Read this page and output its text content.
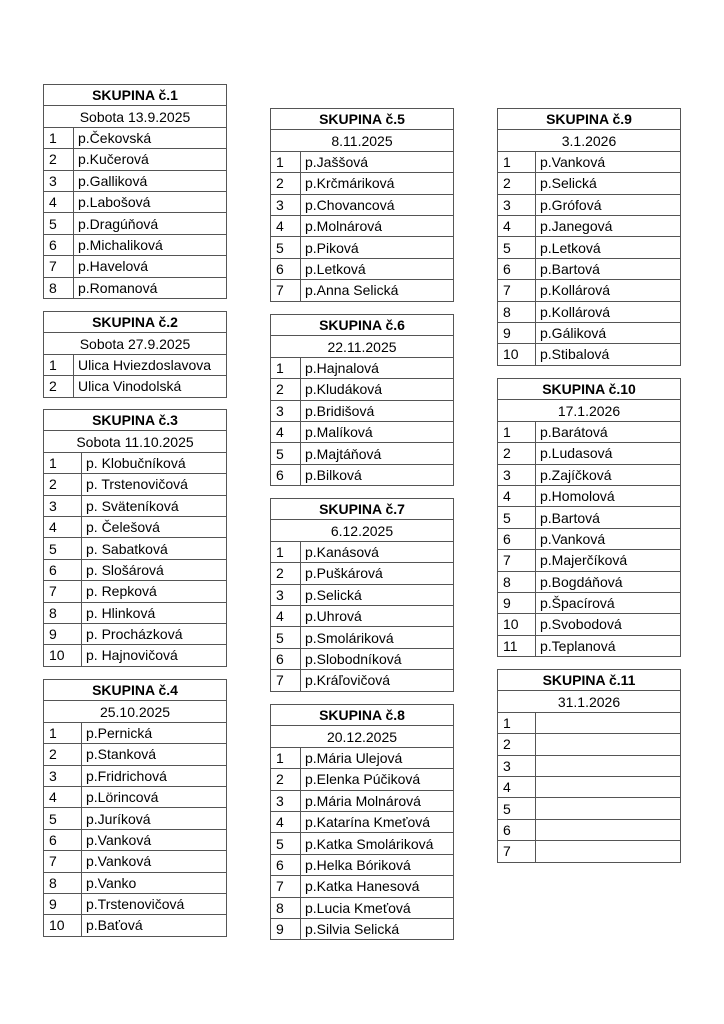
SKUPINA č.1	
Sobota 13.9.2025	
1	p.Čekovská
2	p.Kučerová
3	p.Galliková
4	p.Labošová
5	p.Dragúňová
6	p.Michaliková
7	p.Havelová
8	p.Romanová
SKUPINA č.2	
Sobota 27.9.2025	
1	Ulica Hviezdoslavova
2	Ulica Vinodolská
SKUPINA č.3	
Sobota 11.10.2025	
1	p. Klobučníková
2	p. Trstenovičová
3	p. Sväteníková
4	p. Čelešová
5	p. Sabatková
6	p. Slošárová
7	p. Repková
8	p. Hlinková
9	p. Procházková
10	p. Hajnovičová
SKUPINA č.4	
25.10.2025	
1	p.Pernická
2	p.Stanková
3	p.Fridrichová
4	p.Lörincová
5	p.Juríková
6	p.Vanková
7	p.Vanková
8	p.Vanko
9	p.Trstenovičová
10	p.Baťová
SKUPINA č.5	
8.11.2025	
1	p.Jaššová
2	p.Krčmáriková
3	p.Chovancová
4	p.Molnárová
5	p.Piková
6	p.Letková
7	p.Anna Selická
SKUPINA č.6	
22.11.2025	
1	p.Hajnalová
2	p.Kludáková
3	p.Bridišová
4	p.Malíková
5	p.Majtáňová
6	p.Bilková
SKUPINA č.7	
6.12.2025	
1	p.Kanásová
2	p.Puškárová
3	p.Selická
4	p.Uhrová
5	p.Smoláriková
6	p.Slobodníková
7	p.Kráľovičová
SKUPINA č.8	
20.12.2025	
1	p.Mária Ulejová
2	p.Elenka Púčiková
3	p.Mária Molnárová
4	p.Katarína Kmeťová
5	p.Katka Smoláriková
6	p.Helka Bóriková
7	p.Katka Hanesová
8	p.Lucia Kmeťová
9	p.Silvia Selická
SKUPINA č.9	
3.1.2026	
1	p.Vanková
2	p.Selická
3	p.Grófová
4	p.Janegová
5	p.Letková
6	p.Bartová
7	p.Kollárová
8	p.Kollárová
9	p.Gáliková
10	p.Stibalová
SKUPINA č.10	
17.1.2026	
1	p.Barátová
2	p.Ludasová
3	p.Zajíčková
4	p.Homolová
5	p.Bartová
6	p.Vanková
7	p.Majerčíková
8	p.Bogdáňová
9	p.Špacírová
10	p.Svobodová
11	p.Teplanová
SKUPINA č.11	
31.1.2026	
1	
2	
3	
4	
5	
6	
7	
